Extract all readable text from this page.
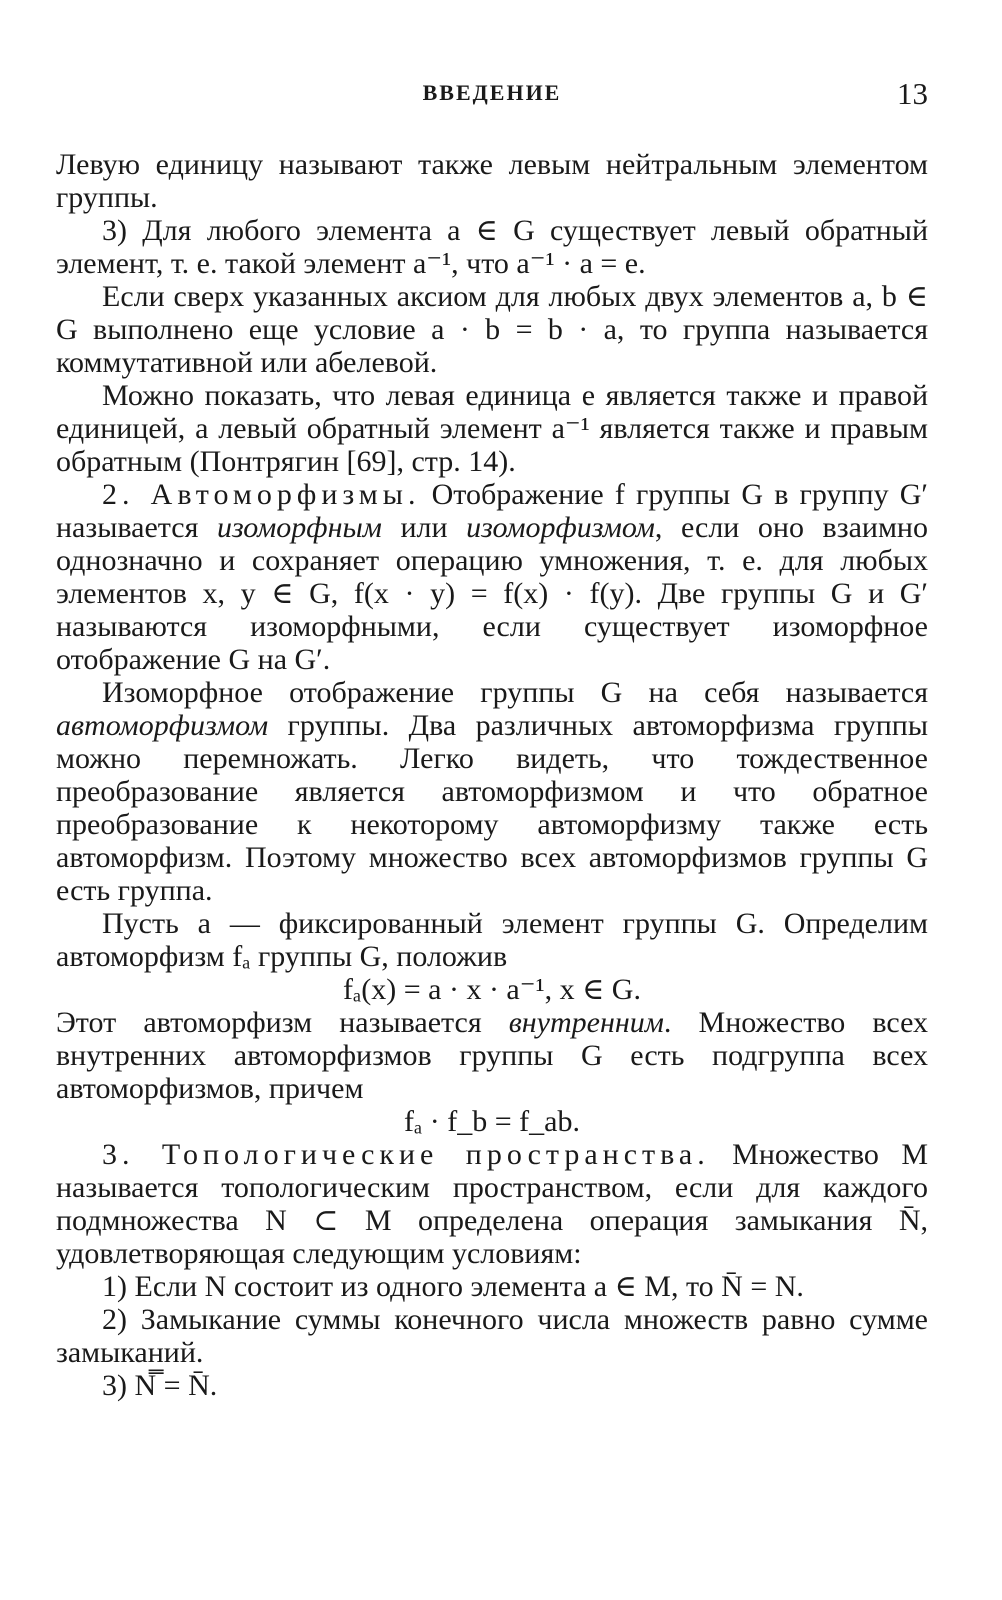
ВВЕДЕНИЕ	13

Левую единицу называют также левым нейтральным элементом группы.

3) Для любого элемента a ∈ G существует левый обратный элемент, т. е. такой элемент a⁻¹, что a⁻¹ · a = e.

Если сверх указанных аксиом для любых двух элементов a, b ∈ G выполнено еще условие a · b = b · a, то группа называется коммутативной или абелевой.

Можно показать, что левая единица e является также и правой единицей, а левый обратный элемент a⁻¹ является также и правым обратным (Понтрягин [69], стр. 14).

2. Автоморфизмы. Отображение f группы G в группу G′ называется изоморфным или изоморфизмом, если оно взаимно однозначно и сохраняет операцию умножения, т. е. для любых элементов x, y ∈ G, f(x · y) = f(x) · f(y). Две группы G и G′ называются изоморфными, если существует изоморфное отображение G на G′.

Изоморфное отображение группы G на себя называется автоморфизмом группы. Два различных автоморфизма группы можно перемножать. Легко видеть, что тождественное преобразование является автоморфизмом и что обратное преобразование к некоторому автоморфизму также есть автоморфизм. Поэтому множество всех автоморфизмов группы G есть группа.

Пусть a — фиксированный элемент группы G. Определим автоморфизм fₐ группы G, положив

fₐ(x) = a · x · a⁻¹, x ∈ G.

Этот автоморфизм называется внутренним. Множество всех внутренних автоморфизмов группы G есть подгруппа всех автоморфизмов, причем

fₐ · f_b = f_ab.

3. Топологические пространства. Множество M называется топологическим пространством, если для каждого подмножества N ⊂ M определена операция замыкания N̄, удовлетворяющая следующим условиям:

1) Если N состоит из одного элемента a ∈ M, то N̄ = N.

2) Замыкание суммы конечного числа множеств равно сумме замыканий.

3) N̿ = N̄.
